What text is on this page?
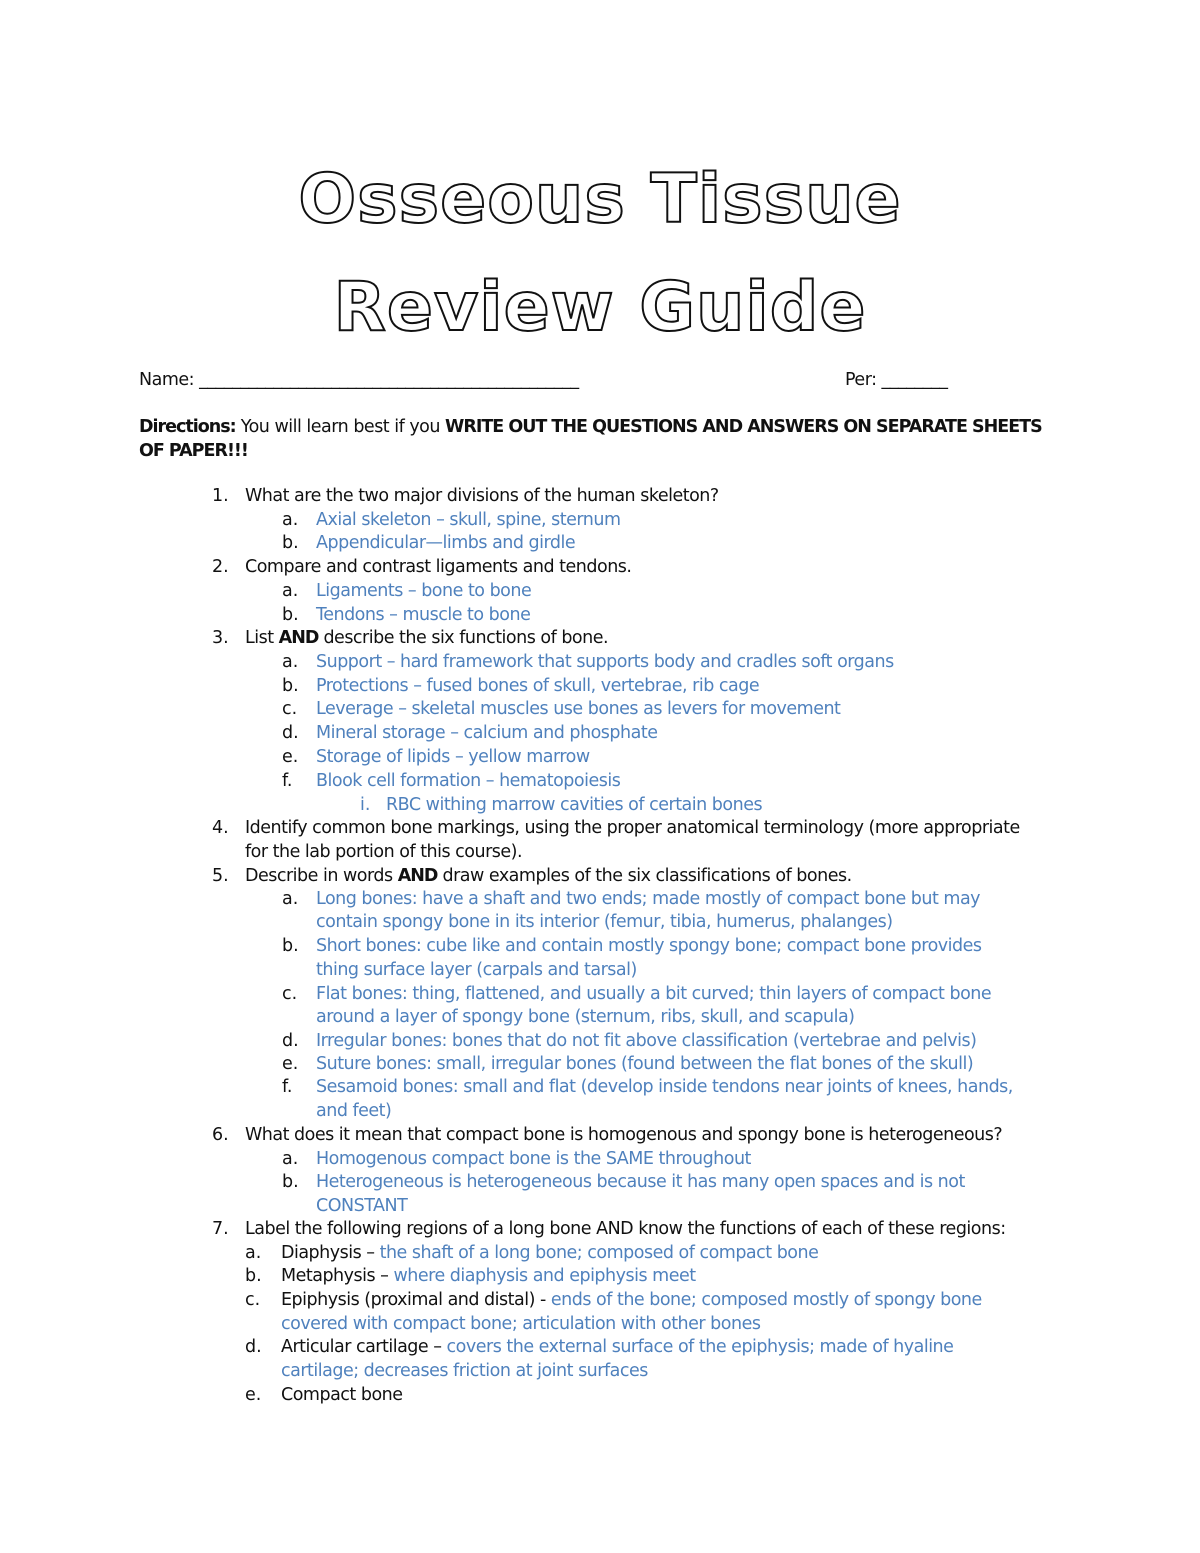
Osseous Tissue
Review Guide
Name: ______________________________________________	Per: ________
Directions: You will learn best if you WRITE OUT THE QUESTIONS AND ANSWERS ON SEPARATE SHEETS
OF PAPER!!!
1. What are the two major divisions of the human skeleton?
a. Axial skeleton – skull, spine, sternum
b. Appendicular—limbs and girdle
2. Compare and contrast ligaments and tendons.
a. Ligaments – bone to bone
b. Tendons – muscle to bone
3. List AND describe the six functions of bone.
a. Support – hard framework that supports body and cradles soft organs
b. Protections – fused bones of skull, vertebrae, rib cage
c. Leverage – skeletal muscles use bones as levers for movement
d. Mineral storage – calcium and phosphate
e. Storage of lipids – yellow marrow
f. Blook cell formation – hematopoiesis
i. RBC withing marrow cavities of certain bones
4. Identify common bone markings, using the proper anatomical terminology (more appropriate
for the lab portion of this course).
5. Describe in words AND draw examples of the six classifications of bones.
a. Long bones: have a shaft and two ends; made mostly of compact bone but may
contain spongy bone in its interior (femur, tibia, humerus, phalanges)
b. Short bones: cube like and contain mostly spongy bone; compact bone provides
thing surface layer (carpals and tarsal)
c. Flat bones: thing, flattened, and usually a bit curved; thin layers of compact bone
around a layer of spongy bone (sternum, ribs, skull, and scapula)
d. Irregular bones: bones that do not fit above classification (vertebrae and pelvis)
e. Suture bones: small, irregular bones (found between the flat bones of the skull)
f. Sesamoid bones: small and flat (develop inside tendons near joints of knees, hands,
and feet)
6. What does it mean that compact bone is homogenous and spongy bone is heterogeneous?
a. Homogenous compact bone is the SAME throughout
b. Heterogeneous is heterogeneous because it has many open spaces and is not
CONSTANT
7. Label the following regions of a long bone AND know the functions of each of these regions:
a. Diaphysis – the shaft of a long bone; composed of compact bone
b. Metaphysis – where diaphysis and epiphysis meet
c. Epiphysis (proximal and distal) - ends of the bone; composed mostly of spongy bone
covered with compact bone; articulation with other bones
d. Articular cartilage – covers the external surface of the epiphysis; made of hyaline
cartilage; decreases friction at joint surfaces
e. Compact bone
